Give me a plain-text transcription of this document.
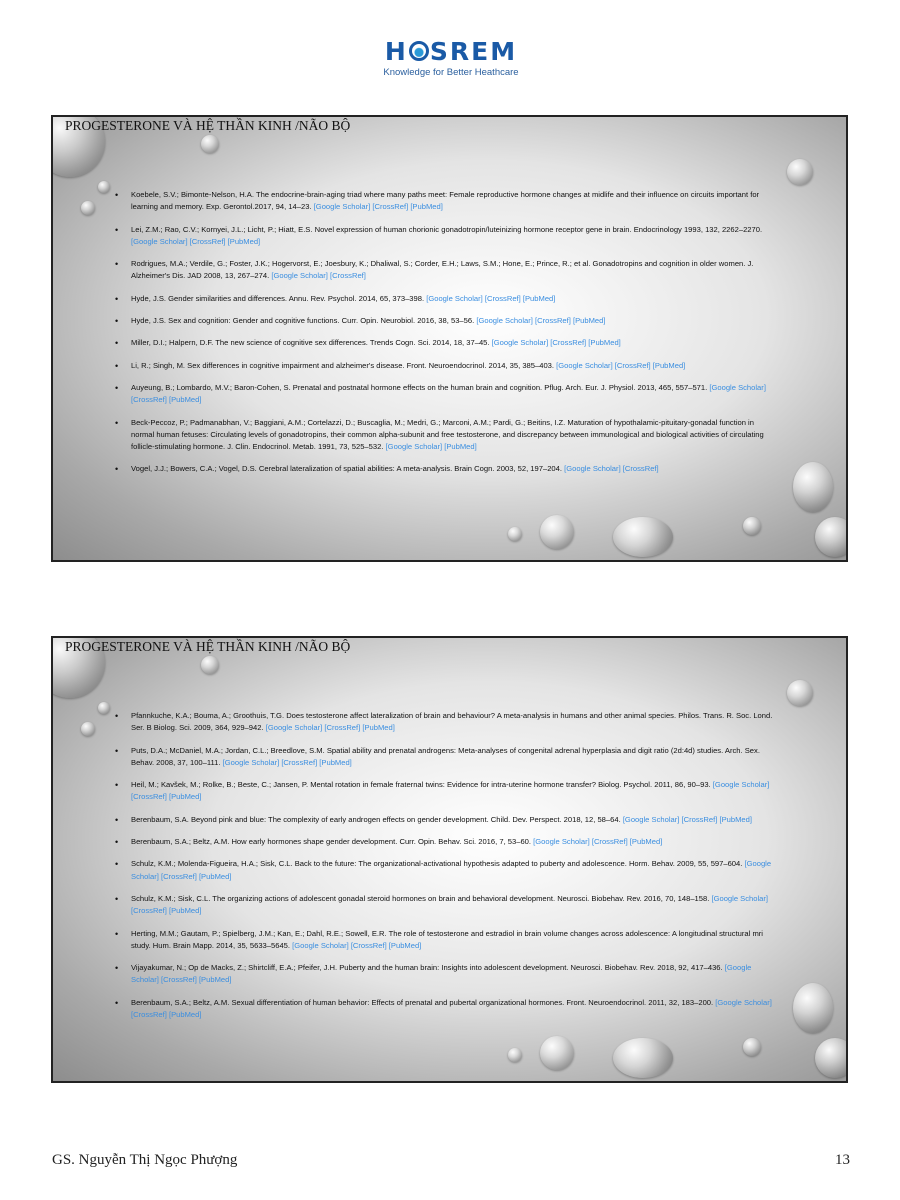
H SREM
Knowledge for Better Heathcare
PROGESTERONE VÀ HỆ THẦN KINH /NÃO BỘ
• Koebele, S.V.; Bimonte-Nelson, H.A. The endocrine-brain-aging triad where many paths meet: Female reproductive hormone changes at midlife and their influence on circuits important for learning and memory. Exp. Gerontol.2017, 94, 14–23. [Google Scholar] [CrossRef] [PubMed]
• Lei, Z.M.; Rao, C.V.; Kornyei, J.L.; Licht, P.; Hiatt, E.S. Novel expression of human chorionic gonadotropin/luteinizing hormone receptor gene in brain. Endocrinology 1993, 132, 2262–2270. [Google Scholar] [CrossRef] [PubMed]
• Rodrigues, M.A.; Verdile, G.; Foster, J.K.; Hogervorst, E.; Joesbury, K.; Dhaliwal, S.; Corder, E.H.; Laws, S.M.; Hone, E.; Prince, R.; et al. Gonadotropins and cognition in older women. J. Alzheimer's Dis. JAD 2008, 13, 267–274. [Google Scholar] [CrossRef]
• Hyde, J.S. Gender similarities and differences. Annu. Rev. Psychol. 2014, 65, 373–398. [Google Scholar] [CrossRef] [PubMed]
• Hyde, J.S. Sex and cognition: Gender and cognitive functions. Curr. Opin. Neurobiol. 2016, 38, 53–56. [Google Scholar] [CrossRef] [PubMed]
• Miller, D.I.; Halpern, D.F. The new science of cognitive sex differences. Trends Cogn. Sci. 2014, 18, 37–45. [Google Scholar] [CrossRef] [PubMed]
• Li, R.; Singh, M. Sex differences in cognitive impairment and alzheimer's disease. Front. Neuroendocrinol. 2014, 35, 385–403. [Google Scholar] [CrossRef] [PubMed]
• Auyeung, B.; Lombardo, M.V.; Baron-Cohen, S. Prenatal and postnatal hormone effects on the human brain and cognition. Pflug. Arch. Eur. J. Physiol. 2013, 465, 557–571. [Google Scholar] [CrossRef] [PubMed]
• Beck-Peccoz, P.; Padmanabhan, V.; Baggiani, A.M.; Cortelazzi, D.; Buscaglia, M.; Medri, G.; Marconi, A.M.; Pardi, G.; Beitins, I.Z. Maturation of hypothalamic-pituitary-gonadal function in normal human fetuses: Circulating levels of gonadotropins, their common alpha-subunit and free testosterone, and discrepancy between immunological and biological activities of circulating follicle-stimulating hormone. J. Clin. Endocrinol. Metab. 1991, 73, 525–532. [Google Scholar] [PubMed]
• Vogel, J.J.; Bowers, C.A.; Vogel, D.S. Cerebral lateralization of spatial abilities: A meta-analysis. Brain Cogn. 2003, 52, 197–204. [Google Scholar] [CrossRef]
PROGESTERONE VÀ HỆ THẦN KINH /NÃO BỘ
• Pfannkuche, K.A.; Bouma, A.; Groothuis, T.G. Does testosterone affect lateralization of brain and behaviour? A meta-analysis in humans and other animal species. Philos. Trans. R. Soc. Lond. Ser. B Biolog. Sci. 2009, 364, 929–942. [Google Scholar] [CrossRef] [PubMed]
• Puts, D.A.; McDaniel, M.A.; Jordan, C.L.; Breedlove, S.M. Spatial ability and prenatal androgens: Meta-analyses of congenital adrenal hyperplasia and digit ratio (2d:4d) studies. Arch. Sex. Behav. 2008, 37, 100–111. [Google Scholar] [CrossRef] [PubMed]
• Heil, M.; Kavšek, M.; Rolke, B.; Beste, C.; Jansen, P. Mental rotation in female fraternal twins: Evidence for intra-uterine hormone transfer? Biolog. Psychol. 2011, 86, 90–93. [Google Scholar] [CrossRef] [PubMed]
• Berenbaum, S.A. Beyond pink and blue: The complexity of early androgen effects on gender development. Child. Dev. Perspect. 2018, 12, 58–64. [Google Scholar] [CrossRef] [PubMed]
• Berenbaum, S.A.; Beltz, A.M. How early hormones shape gender development. Curr. Opin. Behav. Sci. 2016, 7, 53–60. [Google Scholar] [CrossRef] [PubMed]
• Schulz, K.M.; Molenda-Figueira, H.A.; Sisk, C.L. Back to the future: The organizational-activational hypothesis adapted to puberty and adolescence. Horm. Behav. 2009, 55, 597–604. [Google Scholar] [CrossRef] [PubMed]
• Schulz, K.M.; Sisk, C.L. The organizing actions of adolescent gonadal steroid hormones on brain and behavioral development. Neurosci. Biobehav. Rev. 2016, 70, 148–158. [Google Scholar] [CrossRef] [PubMed]
• Herting, M.M.; Gautam, P.; Spielberg, J.M.; Kan, E.; Dahl, R.E.; Sowell, E.R. The role of testosterone and estradiol in brain volume changes across adolescence: A longitudinal structural mri study. Hum. Brain Mapp. 2014, 35, 5633–5645. [Google Scholar] [CrossRef] [PubMed]
• Vijayakumar, N.; Op de Macks, Z.; Shirtcliff, E.A.; Pfeifer, J.H. Puberty and the human brain: Insights into adolescent development. Neurosci. Biobehav. Rev. 2018, 92, 417–436. [Google Scholar] [CrossRef] [PubMed]
• Berenbaum, S.A.; Beltz, A.M. Sexual differentiation of human behavior: Effects of prenatal and pubertal organizational hormones. Front. Neuroendocrinol. 2011, 32, 183–200. [Google Scholar] [CrossRef] [PubMed]
GS. Nguyễn Thị Ngọc Phượng	13
